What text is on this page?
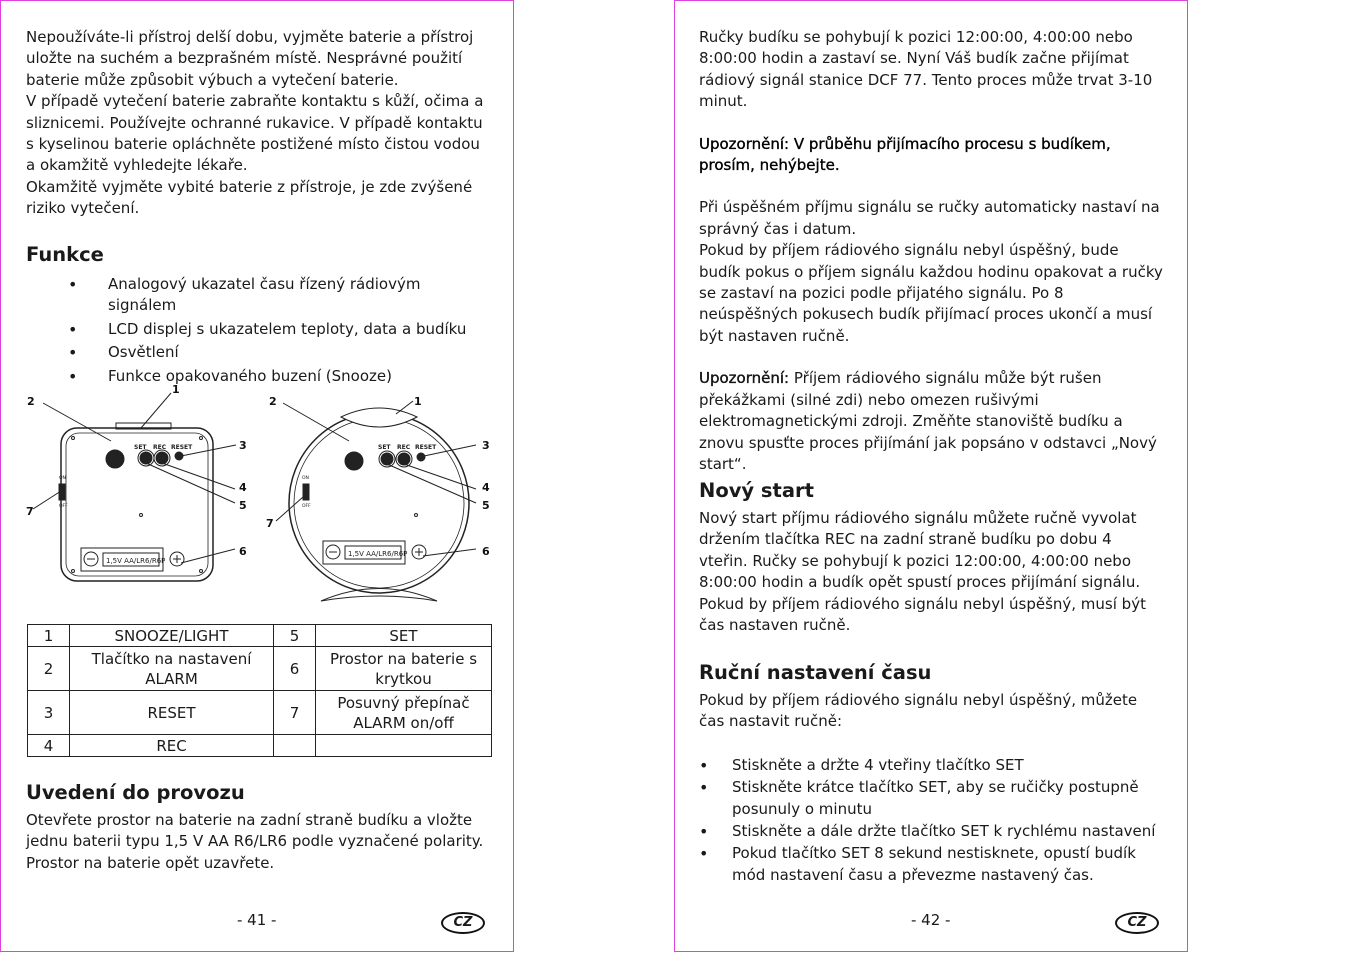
Nepoužíváte-li přístroj delší dobu, vyjměte baterie a přístroj uložte na suchém a bezprašném místě. Nesprávné použití baterie může způsobit výbuch a vytečení baterie.

V případě vytečení baterie zabraňte kontaktu s kůží, očima a sliznicemi. Používejte ochranné rukavice. V případě kontaktu s kyselinou baterie opláchněte postižené místo čistou vodou a okamžitě vyhledejte lékaře.

Okamžitě vyjměte vybité baterie z přístroje, je zde zvýšené riziko vytečení.

Funkce
• Analogový ukazatel času řízený rádiovým signálem
• LCD displej s ukazatelem teploty, data a budíku
• Osvětlení
• Funkce opakovaného buzení (Snooze)
SET REC RESET
ON
OFF
1,5V AA/LR6/R6P
SET REC RESET
ON
OFF
1,5V AA/LR6/R6P
1
2
3
4
5
6
7
1
2
3
4
5
6
7
1	SNOOZE/LIGHT	5	SET
2	Tlačítko na nastavení ALARM	6	Prostor na baterie s krytkou
3	RESET	7	Posuvný přepínač ALARM on/off
4	REC		
Uvedení do provozu

Otevřete prostor na baterie na zadní straně budíku a vložte jednu baterii typu 1,5 V AA R6/LR6 podle vyznačené polarity. Prostor na baterie opět uzavřete.

- 41 -	CZ

Ručky budíku se pohybují k pozici 12:00:00, 4:00:00 nebo 8:00:00 hodin a zastaví se. Nyní Váš budík začne přijímat rádiový signál stanice DCF 77. Tento proces může trvat 3-10 minut.

Upozornění: V průběhu přijímacího procesu s budíkem, prosím, nehýbejte.

Při úspěšném příjmu signálu se ručky automaticky nastaví na správný čas i datum.

Pokud by příjem rádiového signálu nebyl úspěšný, bude budík pokus o příjem signálu každou hodinu opakovat a ručky se zastaví na pozici podle přijatého signálu. Po 8 neúspěšných pokusech budík přijímací proces ukončí a musí být nastaven ručně.

Upozornění: Příjem rádiového signálu může být rušen překážkami (silné zdi) nebo omezen rušivými elektromagnetickými zdroji. Změňte stanoviště budíku a znovu spusťte proces přijímání jak popsáno v odstavci „Nový start“.

Nový start

Nový start příjmu rádiového signálu můžete ručně vyvolat držením tlačítka REC na zadní straně budíku po dobu 4 vteřin. Ručky se pohybují k pozici 12:00:00, 4:00:00 nebo 8:00:00 hodin a budík opět spustí proces přijímání signálu.

Pokud by příjem rádiového signálu nebyl úspěšný, musí být čas nastaven ručně.

Ruční nastavení času

Pokud by příjem rádiového signálu nebyl úspěšný, můžete čas nastavit ručně:

• Stiskněte a držte 4 vteřiny tlačítko SET
• Stiskněte krátce tlačítko SET, aby se ručičky postupně posunuly o minutu
• Stiskněte a dále držte tlačítko SET k rychlému nastavení
• Pokud tlačítko SET 8 sekund nestisknete, opustí budík mód nastavení času a převezme nastavený čas.
- 42 -	CZ
